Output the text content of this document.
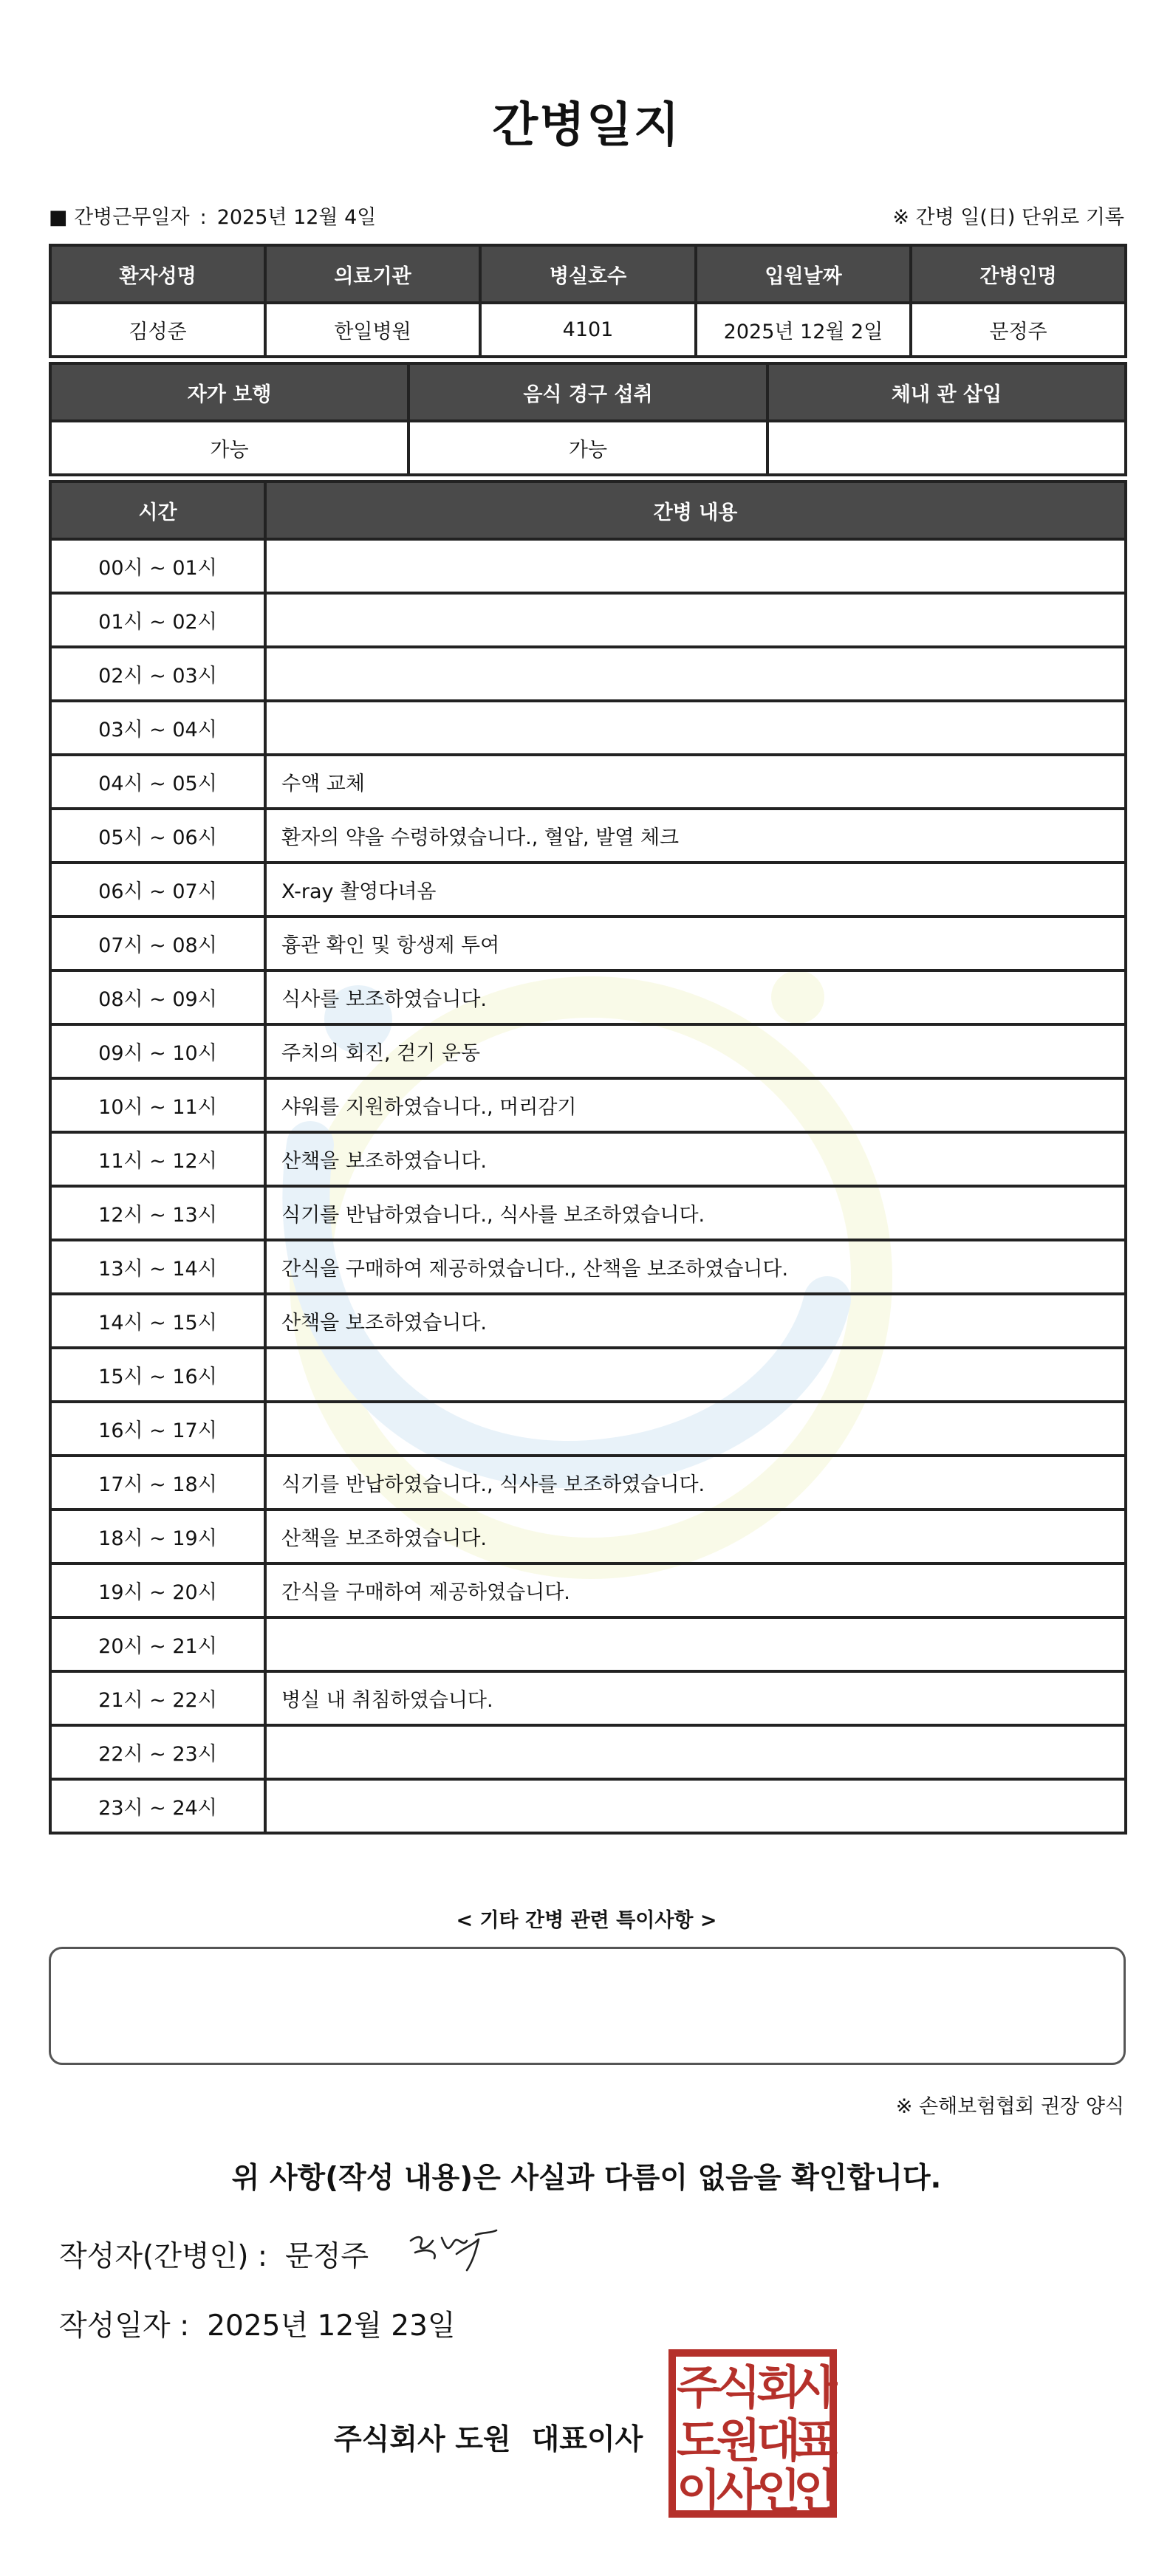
간병일지
■ 간병근무일자 : 2025년 12월 4일	※ 간병 일(日) 단위로 기록
환자성명	의료기관	병실호수	입원날짜	간병인명
김성준	한일병원	4101	2025년 12월 2일	문정주
자가 보행	음식 경구 섭취	체내 관 삽입
가능	가능	
시간	간병 내용
00시 ~ 01시	
01시 ~ 02시	
02시 ~ 03시	
03시 ~ 04시	
04시 ~ 05시	수액 교체
05시 ~ 06시	환자의 약을 수령하였습니다., 혈압, 발열 체크
06시 ~ 07시	X-ray 촬영다녀옴
07시 ~ 08시	흉관 확인 및 항생제 투여
08시 ~ 09시	식사를 보조하였습니다.
09시 ~ 10시	주치의 회진, 걷기 운동
10시 ~ 11시	샤워를 지원하였습니다., 머리감기
11시 ~ 12시	산책을 보조하였습니다.
12시 ~ 13시	식기를 반납하였습니다., 식사를 보조하였습니다.
13시 ~ 14시	간식을 구매하여 제공하였습니다., 산책을 보조하였습니다.
14시 ~ 15시	산책을 보조하였습니다.
15시 ~ 16시	
16시 ~ 17시	
17시 ~ 18시	식기를 반납하였습니다., 식사를 보조하였습니다.
18시 ~ 19시	산책을 보조하였습니다.
19시 ~ 20시	간식을 구매하여 제공하였습니다.
20시 ~ 21시	
21시 ~ 22시	병실 내 취침하였습니다.
22시 ~ 23시	
23시 ~ 24시	
< 기타 간병 관련 특이사항 >
※ 손해보험협회 권장 양식
위 사항(작성 내용)은 사실과 다름이 없음을 확인합니다.
작성자(간병인) : 문정주
작성일자 : 2025년 12월 23일
주식회사 도원 대표이사
주
식
회
사
도
원
대
표
이
사
인
인
